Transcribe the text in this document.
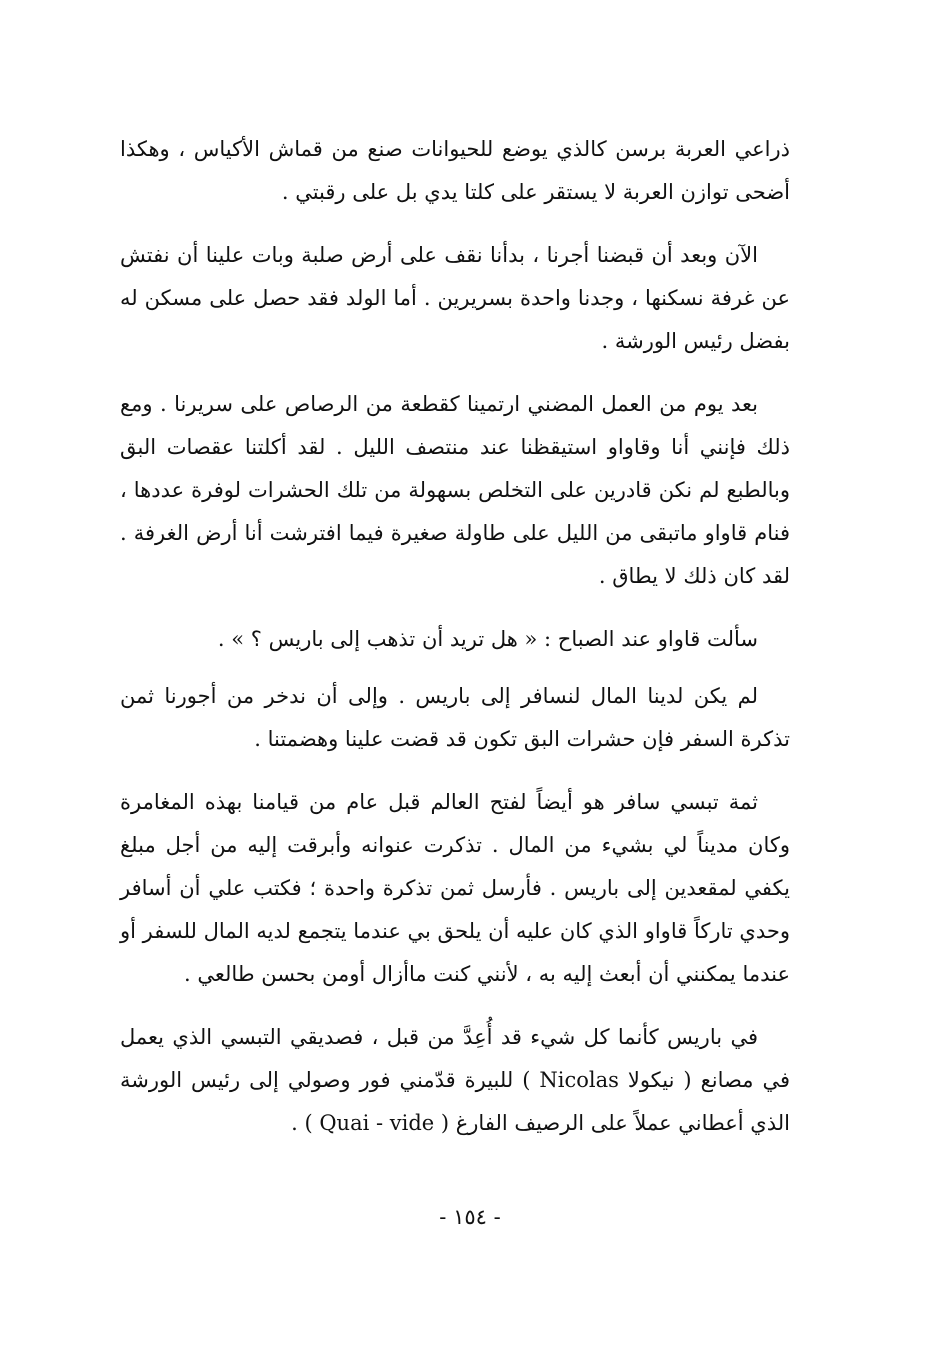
ذراعي العربة برسن كالذي يوضع للحيوانات صنع من قماش الأكياس ، وهكذا أضحى توازن العربة لا يستقر على كلتا يدي بل على رقبتي .

الآن وبعد أن قبضنا أجرنا ، بدأنا نقف على أرض صلبة وبات علينا أن نفتش عن غرفة نسكنها ، وجدنا واحدة بسريرين . أما الولد فقد حصل على مسكن له بفضل رئيس الورشة .

بعد يوم من العمل المضني ارتمينا كقطعة من الرصاص على سريرنا . ومع ذلك فإنني أنا وقاواو استيقظنا عند منتصف الليل . لقد أكلتنا عقصات البق وبالطبع لم نكن قادرين على التخلص بسهولة من تلك الحشرات لوفرة عددها ، فنام قاواو ماتبقى من الليل على طاولة صغيرة فيما افترشت أنا أرض الغرفة . لقد كان ذلك لا يطاق .

سألت قاواو عند الصباح : « هل تريد أن تذهب إلى باريس ؟ » .

لم يكن لدينا المال لنسافر إلى باريس . وإلى أن ندخر من أجورنا ثمن تذكرة السفر فإن حشرات البق تكون قد قضت علينا وهضمتنا .

ثمة تبسي سافر هو أيضاً لفتح العالم قبل عام من قيامنا بهذه المغامرة وكان مديناً لي بشيء من المال . تذكرت عنوانه وأبرقت إليه من أجل مبلغ يكفي لمقعدين إلى باريس . فأرسل ثمن تذكرة واحدة ؛ فكتب علي أن أسافر وحدي تاركاً قاواو الذي كان عليه أن يلحق بي عندما يتجمع لديه المال للسفر أو عندما يمكنني أن أبعث إليه به ، لأنني كنت ماأزال أومن بحسن طالعي .

في باريس كأنما كل شيء قد أُعِدَّ من قبل ، فصديقي التبسي الذي يعمل في مصانع ( نيكولا Nicolas ) للبيرة قدّمني فور وصولي إلى رئيس الورشة الذي أعطاني عملاً على الرصيف الفارغ ( Quai - vide ) .

- ١٥٤ -
